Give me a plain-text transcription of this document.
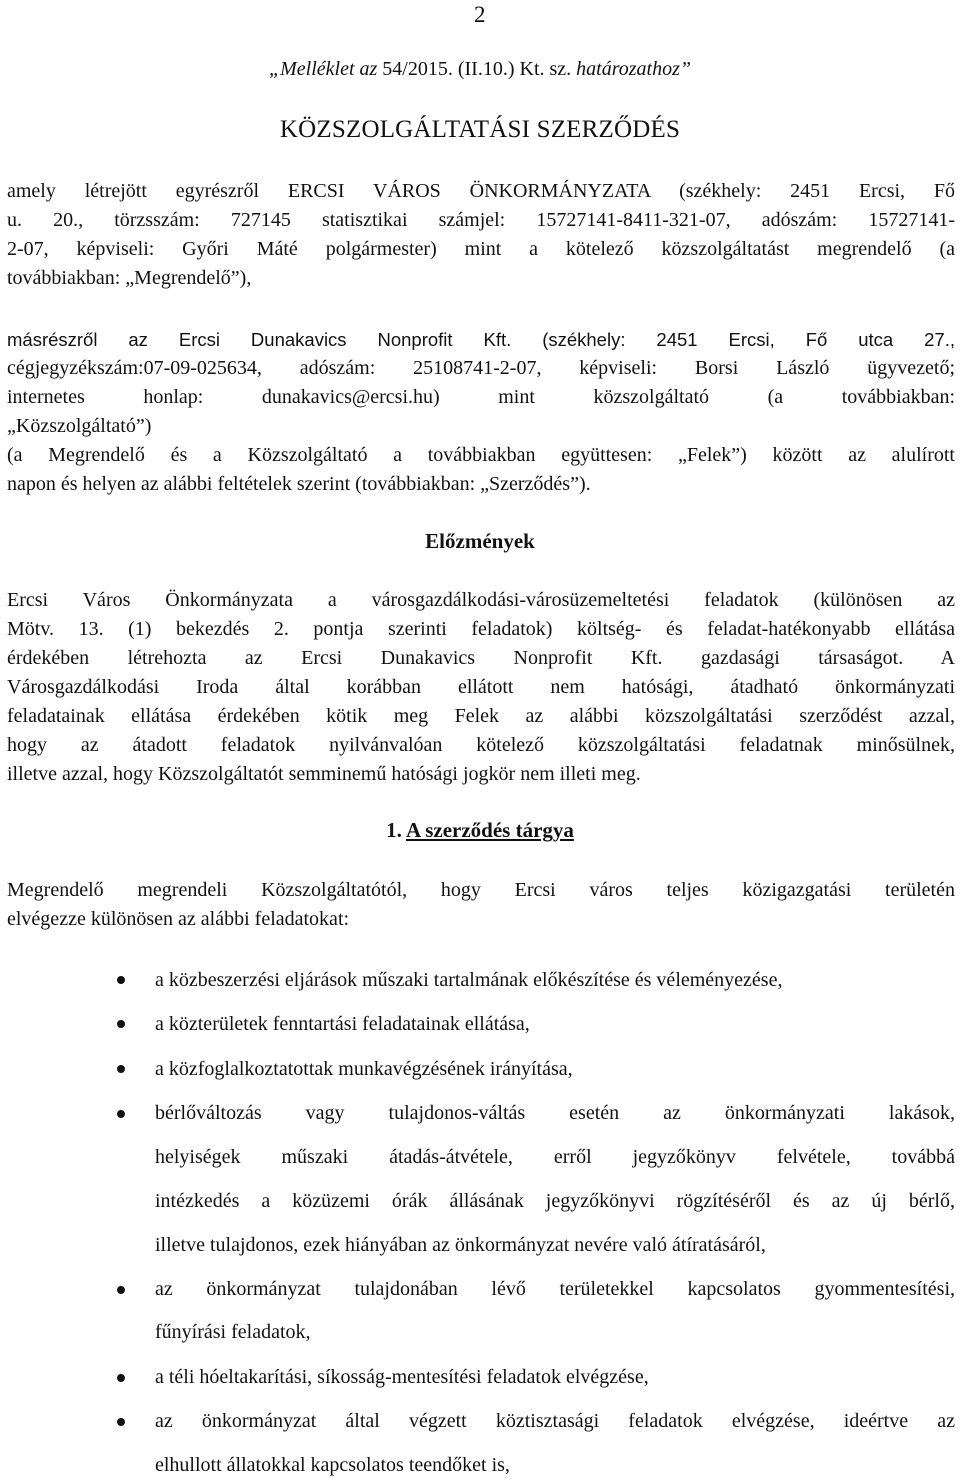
2
„Melléklet az 54/2015. (II.10.) Kt. sz. határozathoz”
KÖZSZOLGÁLTATÁSI SZERZŐDÉS
amely létrejött egyrészről ERCSI VÁROS ÖNKORMÁNYZATA (székhely: 2451 Ercsi, Fő
u. 20., törzsszám: 727145 statisztikai számjel: 15727141-8411-321-07, adószám: 15727141-
2-07, képviseli: Győri Máté polgármester) mint a kötelező közszolgáltatást megrendelő (a
továbbiakban: „Megrendelő”),
másrészről az Ercsi Dunakavics Nonprofit Kft. (székhely: 2451 Ercsi, Fő utca 27.,
cégjegyzékszám:07-09-025634, adószám: 25108741-2-07, képviseli: Borsi László ügyvezető;
internetes honlap: dunakavics@ercsi.hu) mint közszolgáltató (a továbbiakban:
„Közszolgáltató”)
(a Megrendelő és a Közszolgáltató a továbbiakban együttesen: „Felek”) között az alulírott
napon és helyen az alábbi feltételek szerint (továbbiakban: „Szerződés”).
Előzmények
Ercsi Város Önkormányzata a városgazdálkodási-városüzemeltetési feladatok (különösen az
Mötv. 13. (1) bekezdés 2. pontja szerinti feladatok) költség- és feladat-hatékonyabb ellátása
érdekében létrehozta az Ercsi Dunakavics Nonprofit Kft. gazdasági társaságot. A
Városgazdálkodási Iroda által korábban ellátott nem hatósági, átadható önkormányzati
feladatainak ellátása érdekében kötik meg Felek az alábbi közszolgáltatási szerződést azzal,
hogy az átadott feladatok nyilvánvalóan kötelező közszolgáltatási feladatnak minősülnek,
illetve azzal, hogy Közszolgáltatót semminemű hatósági jogkör nem illeti meg.
1. A szerződés tárgya
Megrendelő megrendeli Közszolgáltatótól, hogy Ercsi város teljes közigazgatási területén
elvégezze különösen az alábbi feladatokat:
a közbeszerzési eljárások műszaki tartalmának előkészítése és véleményezése,
a közterületek fenntartási feladatainak ellátása,
a közfoglalkoztatottak munkavégzésének irányítása,
bérlőváltozás vagy tulajdonos-váltás esetén az önkormányzati lakások,
helyiségek műszaki átadás-átvétele, erről jegyzőkönyv felvétele, továbbá
intézkedés a közüzemi órák állásának jegyzőkönyvi rögzítéséről és az új bérlő,
illetve tulajdonos, ezek hiányában az önkormányzat nevére való átíratásáról,
az önkormányzat tulajdonában lévő területekkel kapcsolatos gyommentesítési,
fűnyírási feladatok,
a téli hóeltakarítási, síkosság-mentesítési feladatok elvégzése,
az önkormányzat által végzett köztisztasági feladatok elvégzése, ideértve az
elhullott állatokkal kapcsolatos teendőket is,
